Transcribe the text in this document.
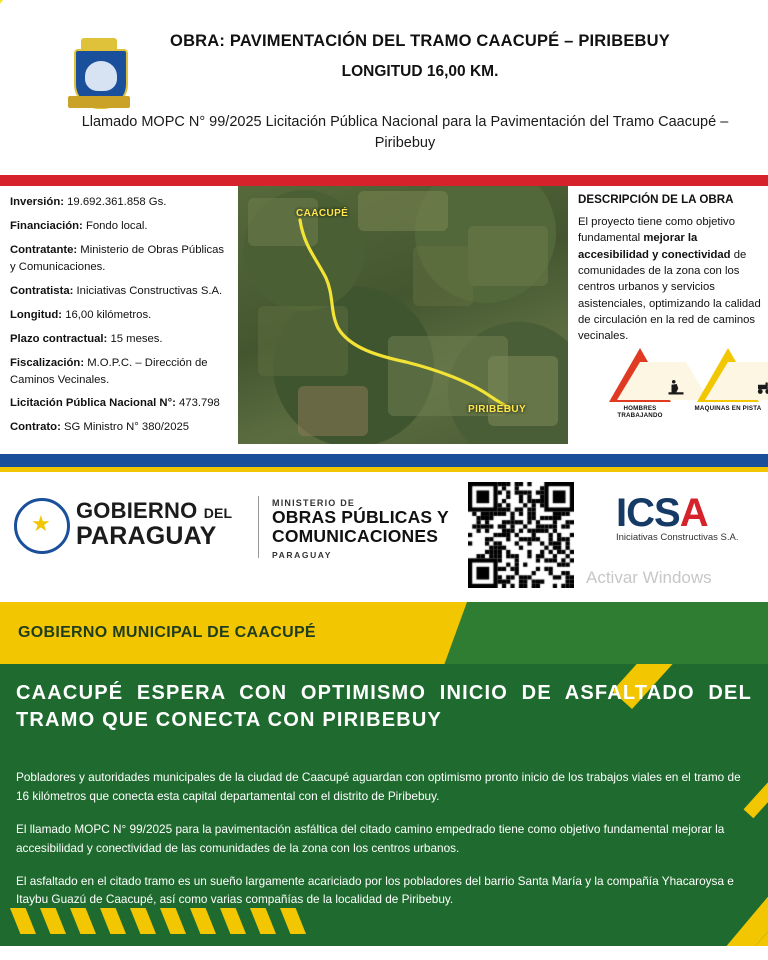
OBRA: PAVIMENTACIÓN DEL TRAMO CAACUPÉ – PIRIBEBUY
LONGITUD 16,00 KM.
Llamado MOPC N° 99/2025 Licitación Pública Nacional para la Pavimentación del Tramo Caacupé – Piribebuy

Inversión: 19.692.361.858 Gs.

Financiación: Fondo local.

Contratante: Ministerio de Obras Públicas y Comunicaciones.

Contratista: Iniciativas Constructivas S.A.

Longitud: 16,00 kilómetros.

Plazo contractual: 15 meses.

Fiscalización: M.O.P.C. – Dirección de Caminos Vecinales.

Licitación Pública Nacional N°: 473.798

Contrato: SG Ministro N° 380/2025

CAACUPÉ
PIRIBEBUY
DESCRIPCIÓN DE LA OBRA
El proyecto tiene como objetivo fundamental mejorar la accesibilidad y conectividad de comunidades de la zona con los centros urbanos y servicios asistenciales, optimizando la calidad de circulación en la red de caminos vecinales.
HOMBRES TRABAJANDO
MAQUINAS EN PISTA
★
GOBIERNO DEL
PARAGUAY
MINISTERIO DE
OBRAS PÚBLICAS Y
COMUNICACIONES
PARAGUAY
ICSA
Iniciativas Constructivas S.A.
Activar Windows
GOBIERNO MUNICIPAL DE CAACUPÉ
CAACUPÉ ESPERA CON OPTIMISMO INICIO DE ASFALTADO DEL TRAMO QUE CONECTA CON PIRIBEBUY

Pobladores y autoridades municipales de la ciudad de Caacupé aguardan con optimismo pronto inicio de los trabajos viales en el tramo de 16 kilómetros que conecta esta capital departamental con el distrito de Piribebuy.

El llamado MOPC N° 99/2025 para la pavimentación asfáltica del citado camino empedrado tiene como objetivo fundamental mejorar la accesibilidad y conectividad de las comunidades de la zona con los centros urbanos.

El asfaltado en el citado tramo es un sueño largamente acariciado por los pobladores del barrio Santa María y la compañía Yhacaroysa e Itaybu Guazú de Caacupé, así como varias compañías de la localidad de Piribebuy.
